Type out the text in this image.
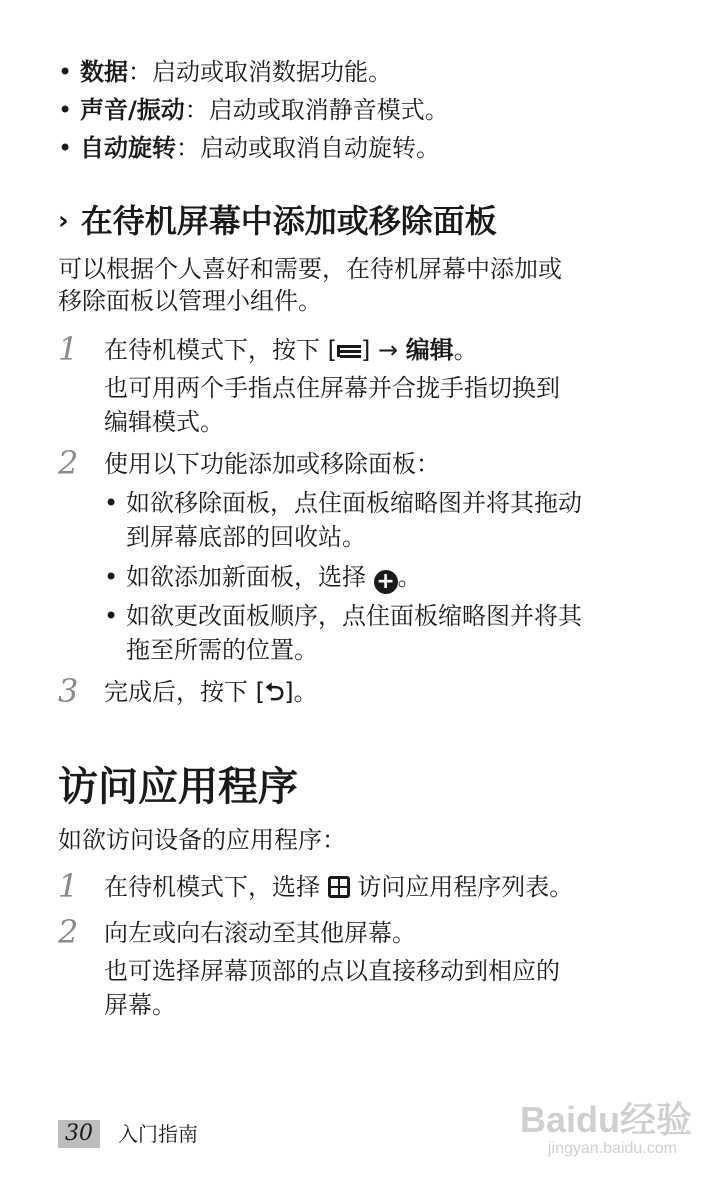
• 数据：启动或取消数据功能。
• 声音/振动：启动或取消静音模式。
• 自动旋转：启动或取消自动旋转。
› 在待机屏幕中添加或移除面板
可以根据个人喜好和需要，在待机屏幕中添加或
移除面板以管理小组件。
1 在待机模式下，按下 [ ] → 编辑。
也可用两个手指点住屏幕并合拢手指切换到
编辑模式。
2 使用以下功能添加或移除面板：
• 如欲移除面板，点住面板缩略图并将其拖动
到屏幕底部的回收站。
• 如欲添加新面板，选择 + 。
• 如欲更改面板顺序，点住面板缩略图并将其
拖至所需的位置。
3 完成后，按下 [⮌]。
访问应用程序
如欲访问设备的应用程序：
1 在待机模式下，选择
访问应用程序列表。
2 向左或向右滚动至其他屏幕。
也可选择屏幕顶部的点以直接移动到相应的
屏幕。
30	入门指南	Baidu经验
jingyan.baidu.com
